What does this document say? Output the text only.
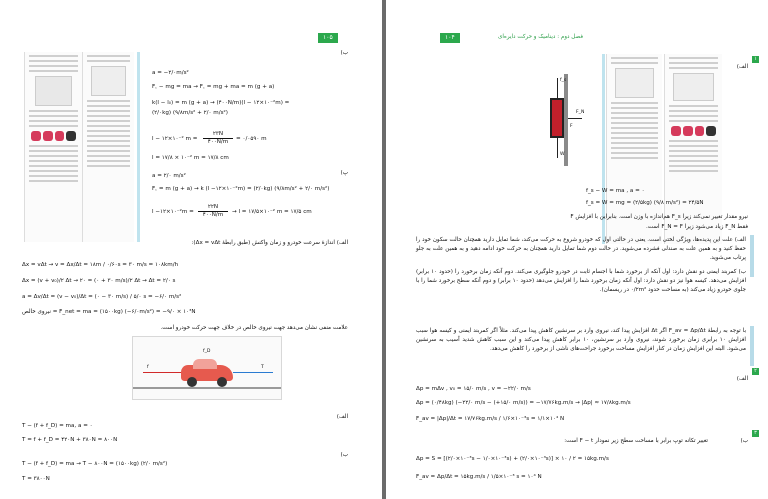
۱۰۵
ب)
a = −۲/۰m/s²
F꜀ − mg = ma → F꜀ = mg + ma = m (g + a)
k(l − l₀) = m (g + a) → (۴۰۰N/m)(l − ۱۲×۱۰⁻²m) =
(۲/۰kg) (۹/۸m/s² + ۲/۰ m/s²)
l − ۱۲×۱۰⁻² m =
۲۳N
۴۰۰N/m	= ۰/۰۵۹۰ m
l = ۱۷/۸ × ۱۰⁻² m = ۱۷/۸ cm
پ)
a = ۲/۰ m/s²
F꜀ = m (g + a) → k (l −۱۲×۱۰⁻²m) = (۲/۰kg) (۹/۸m/s² + ۲/۰ m/s²)
l −۱۲×۱۰⁻²m =
۲۲N
۴۰۰N/m	→ l = ۱۷/۵×۱۰⁻² m = ۱۷/۵ cm
الف) اندازهٔ سرعت خودرو و زمان واکنش (طبق رابطهٔ Δx = vΔt):
Δx = vΔt → v = Δx/Δt = ۱۸m / ۰/۶۰s = ۳۰ m/s = ۱۰۸km/h
Δx = (v + v₀)/۲ Δt → ۲۰ = (۰ + ۳۰ m/s)/۲ Δt → Δt = ۲/۰ s
a = Δv/Δt = (v − v₀)/Δt = (۰ − ۳۰ m/s) / ۵/۰ s = −۶/۰ m/s²
نیروی خالص = F_net = ma = (۱۵۰۰kg) (−۶/۰m/s²) = −۹/۰ × ۱۰³N
علامت منفی نشان می‌دهد جهت نیروی خالص در خلاف جهت حرکت خودرو است.
T
f
f_D
الف)
T − (f + f_D) = ma, a = ۰
T = f + f_D = ۴۲۰N + ۳۸۰N = ۸۰۰N
ب)
T − (f + f_D) = ma → T − ۸۰۰N = (۱۵۰۰kg) (۲/۰ m/s²)
T = ۳۸۰۰N
۱۰۴	فصل دوم : دینامیک و حرکت دایره‌ای
۱
الف)
f_s
W
F_N
F
f_s − W = ma , a = ۰
f_s = W = mg = (۲/۵kg) (۹/۸ m/s²) = ۲۴/۵N
نیرو مقدار تغییر نمی‌کند زیرا F_s هم‌اندازه با وزن است. بنابراین با افزایش F
فقط F_N زیاد می‌شود زیرا F_N = F است.
الف) علت این پدیده‌ها، ویژگی لختی است. یعنی در حالتی اول که خودرو شروع به حرکت می‌کند، شما تمایل دارید همچنان حالت سکون خود را حفظ کنید و به همین علت به صندلی فشرده می‌شوید. در حالت دوم شما تمایل دارید همچنان به حرکت خود ادامه دهید و به همین علت به جلو پرتاب می‌شوید.
ب) کمربند ایمنی دو نقش دارد: اول آنکه از برخورد شما با اجسام ثابت در خودرو جلوگیری می‌کند. دوم آنکه زمان برخورد را (حدود ۱۰ برابر) افزایش می‌دهد. کیسه هوا نیز دو نقش دارد: اول آنکه زمان برخورد شما را افزایش می‌دهد (حدود ۱۰ برابر) و دوم آنکه سطح برخورد شما را با جلوی خودرو زیاد می‌کند (به مساحت حدود ۰/۲m² در ریسمان).
با توجه به رابطهٔ F_av = Δp/Δt اگر Δt افزایش پیدا کند، نیروی وارد بر سرنشین کاهش پیدا می‌کند. مثلاً اگر کمربند ایمنی و کیسه هوا سبب افزایش ۱۰ برابری زمان برخورد شوند، نیروی وارد بر سرنشین، ۱۰ برابر کاهش پیدا می‌کند و این سبب کاهش شدید آسیب به سرنشین می‌شود. البته این افزایش زمان در کنار افزایش مساحت برخورد جراحت‌های ناشی از برخورد را کاهش می‌دهد.
۲
الف)
Δp = mΔv , v₀ = ۱۵/۰ m/s , v = −۲۲/۰ m/s
Δp = (۰/۴۸kg) (−۲۲/۰ m/s − (+۱۵/۰ m/s)) = −۱۷/۷۶kg.m/s → |Δp| ≈ ۱۷/۸kg.m/s
F_av = |Δp|/Δt = ۱۷/۷۶kg.m/s / ۱/۶×۱۰⁻³s = ۱/۱×۱۰⁴ N
۳
ب)
تغییر تکانه توپ برابر با مساحت سطح زیر نمودار F − t است:
Δp = S = [(۲/۰×۱۰⁻³s − ۱/۰×۱۰⁻³s) + (۲/۰×۱۰⁻³s)] × ۱۰ / ۲ = ۱۵kg.m/s
F_av = Δp/Δt = ۱۵kg.m/s / ۱/۵×۱۰⁻³ s = ۱۰⁴ N
